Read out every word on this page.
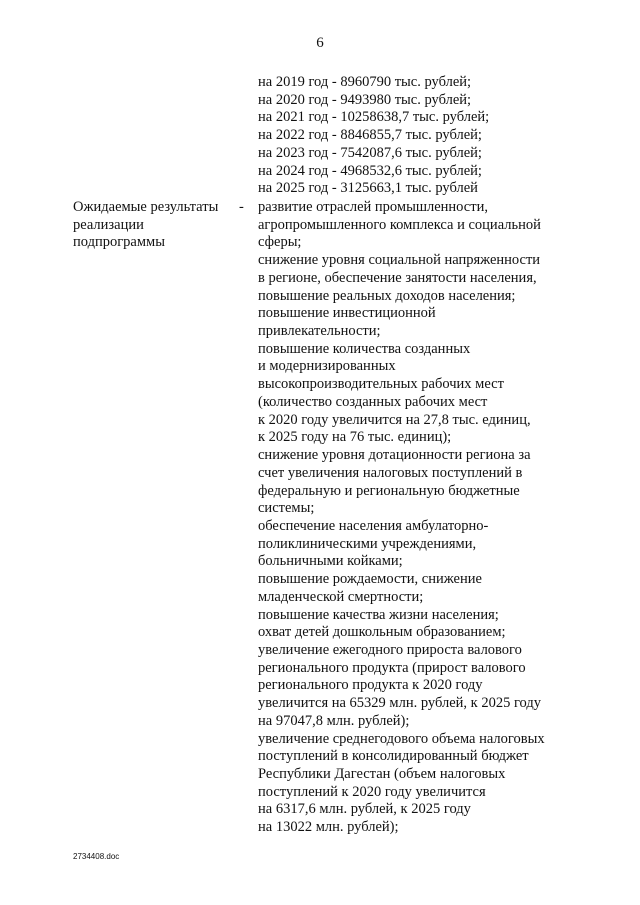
6
на 2019 год - 8960790 тыс. рублей;
на 2020 год - 9493980 тыс. рублей;
на 2021 год - 10258638,7 тыс. рублей;
на 2022 год - 8846855,7 тыс. рублей;
на 2023 год - 7542087,6 тыс. рублей;
на 2024 год - 4968532,6 тыс. рублей;
на 2025 год - 3125663,1 тыс. рублей
Ожидаемые результаты
реализации
подпрограммы
- развитие отраслей промышленности,
агропромышленного комплекса и социальной
сферы;
снижение уровня социальной напряженности
в регионе, обеспечение занятости населения,
повышение реальных доходов населения;
повышение инвестиционной
привлекательности;
повышение количества созданных
и модернизированных
высокопроизводительных рабочих мест
(количество созданных рабочих мест
к 2020 году увеличится на 27,8 тыс. единиц,
к 2025 году на 76 тыс. единиц);
снижение уровня дотационности региона за
счет увеличения налоговых поступлений в
федеральную и региональную бюджетные
системы;
обеспечение населения амбулаторно-
поликлиническими учреждениями,
больничными койками;
повышение рождаемости, снижение
младенческой смертности;
повышение качества жизни населения;
охват детей дошкольным образованием;
увеличение ежегодного прироста валового
регионального продукта (прирост валового
регионального продукта к 2020 году
увеличится на 65329 млн. рублей, к 2025 году
на 97047,8 млн. рублей);
увеличение среднегодового объема налоговых
поступлений в консолидированный бюджет
Республики Дагестан (объем налоговых
поступлений к 2020 году увеличится
на 6317,6 млн. рублей, к 2025 году
на 13022 млн. рублей);
2734408.doc
